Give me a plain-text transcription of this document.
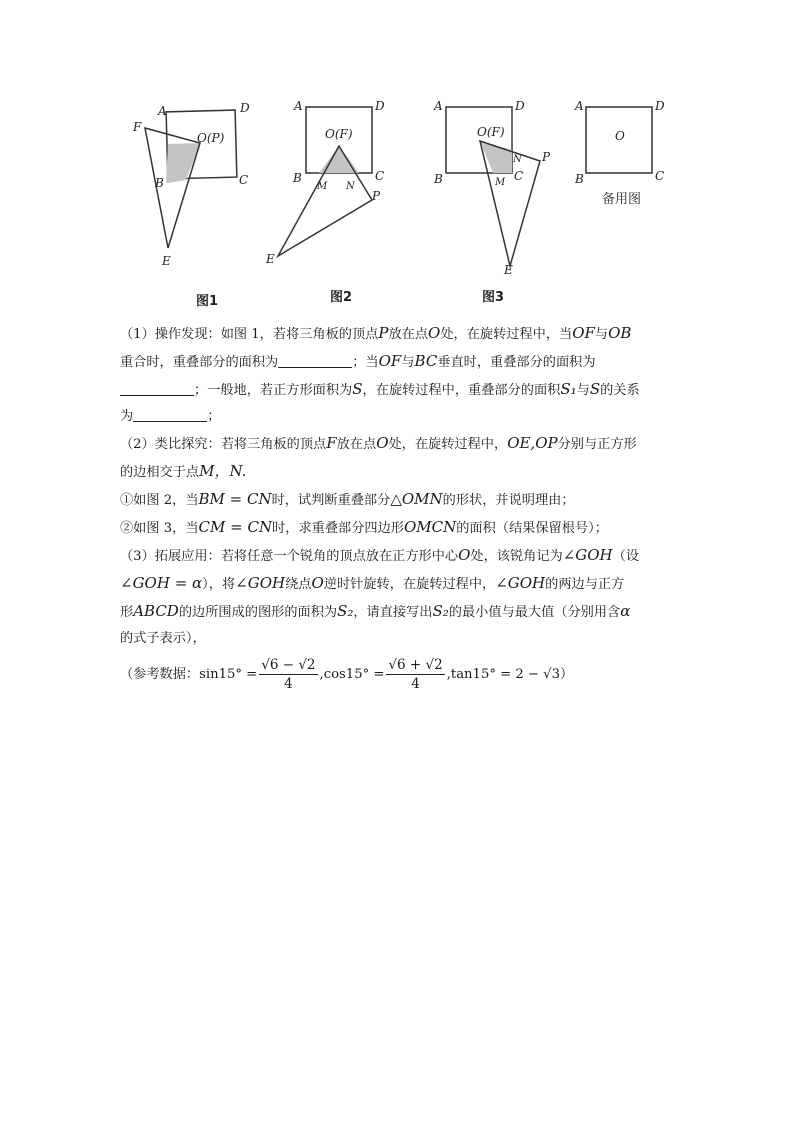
A	D
F
O(P)
B	C
E
A	D
O(F)
B	C
M N
P
E
A	D
O(F)
N P
B	M C
E
A	D
O
B	C
图1	图2	图3
备用图
（1）操作发现：如图 1，若将三角板的顶点P放在点O处，在旋转过程中，当OF与OB
重合时，重叠部分的面积为	；当OF与BC垂直时，重叠部分的面积为
；一般地，若正方形面积为S，在旋转过程中，重叠部分的面积S₁与S的关系
为	；
（2）类比探究：若将三角板的顶点F放在点O处，在旋转过程中，OE,OP分别与正方形
的边相交于点M，N.
①如图 2，当BM = CN时，试判断重叠部分△OMN的形状，并说明理由；
②如图 3，当CM = CN时，求重叠部分四边形OMCN的面积（结果保留根号）；
（3）拓展应用：若将任意一个锐角的顶点放在正方形中心O处，该锐角记为∠GOH（设
∠GOH = α），将∠GOH绕点O逆时针旋转，在旋转过程中，∠GOH的两边与正方
形ABCD的边所围成的图形的面积为S₂，请直接写出S₂的最小值与最大值（分别用含α
的式子表示），
（参考数据：$\sin 15^\circ = \frac{√6 - √2}{4} ,\cos 15^\circ = \frac{√6 + √2}{4} ,\tan 15^\circ = 2 - √3$ ）
